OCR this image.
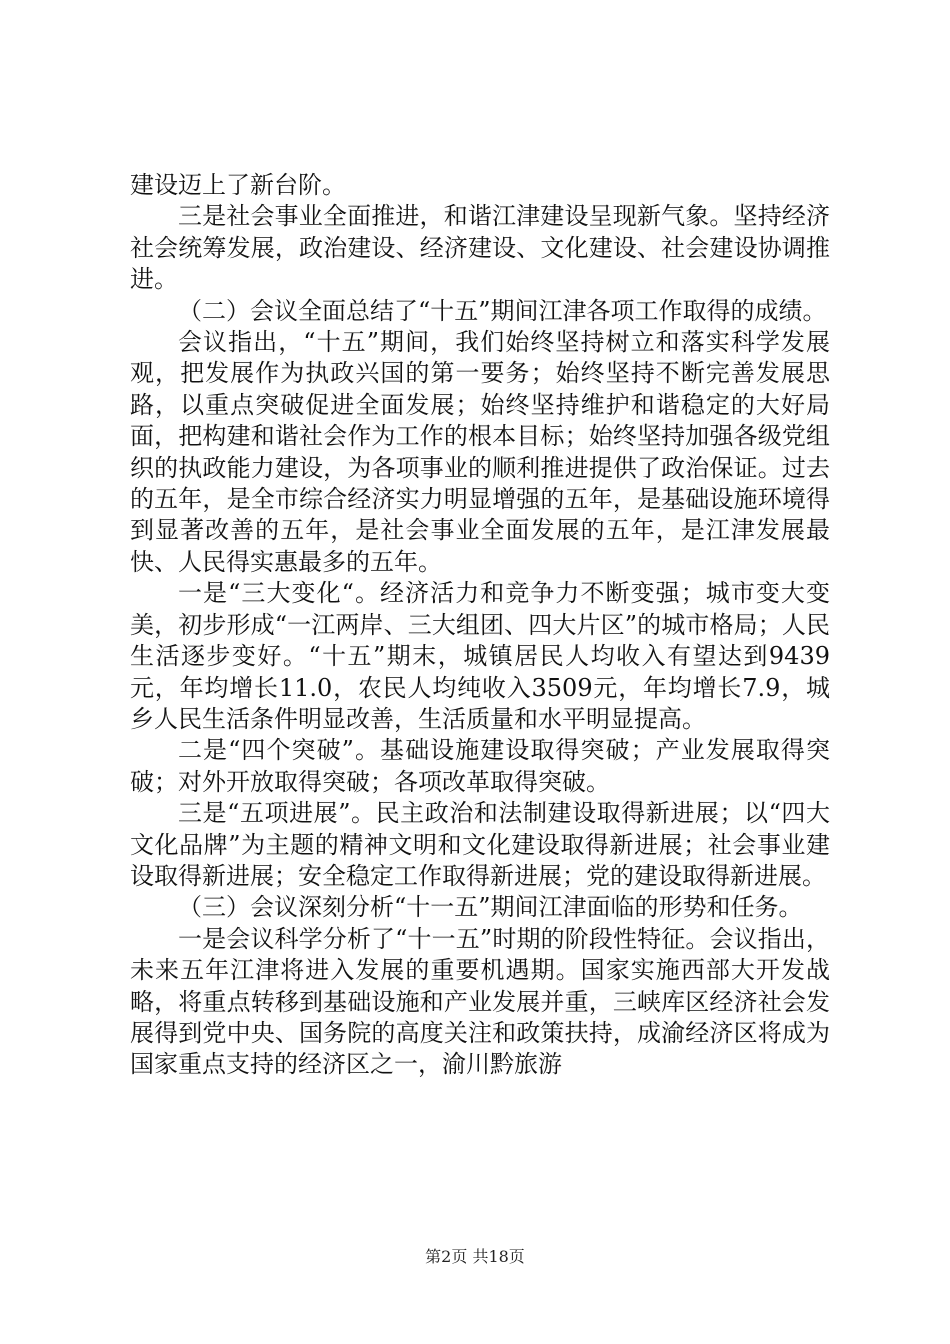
建设迈上了新台阶。

三是社会事业全面推进，和谐江津建设呈现新气象。坚持经济社会统筹发展，政治建设、经济建设、文化建设、社会建设协调推进。

（二）会议全面总结了“十五”期间江津各项工作取得的成绩。

会议指出，“十五”期间，我们始终坚持树立和落实科学发展观，把发展作为执政兴国的第一要务；始终坚持不断完善发展思路，以重点突破促进全面发展；始终坚持维护和谐稳定的大好局面，把构建和谐社会作为工作的根本目标；始终坚持加强各级党组织的执政能力建设，为各项事业的顺利推进提供了政治保证。过去的五年，是全市综合经济实力明显增强的五年，是基础设施环境得到显著改善的五年，是社会事业全面发展的五年，是江津发展最快、人民得实惠最多的五年。

一是“三大变化“。经济活力和竞争力不断变强；城市变大变美，初步形成“一江两岸、三大组团、四大片区”的城市格局；人民生活逐步变好。“十五”期末，城镇居民人均收入有望达到9439元，年均增长11.0，农民人均纯收入3509元，年均增长7.9，城乡人民生活条件明显改善，生活质量和水平明显提高。

二是“四个突破”。基础设施建设取得突破；产业发展取得突破；对外开放取得突破；各项改革取得突破。

三是“五项进展”。民主政治和法制建设取得新进展；以“四大文化品牌”为主题的精神文明和文化建设取得新进展；社会事业建设取得新进展；安全稳定工作取得新进展；党的建设取得新进展。

（三）会议深刻分析“十一五”期间江津面临的形势和任务。

一是会议科学分析了“十一五”时期的阶段性特征。会议指出，未来五年江津将进入发展的重要机遇期。国家实施西部大开发战略，将重点转移到基础设施和产业发展并重，三峡库区经济社会发展得到党中央、国务院的高度关注和政策扶持，成渝经济区将成为国家重点支持的经济区之一，渝川黔旅游

第2页 共18页
